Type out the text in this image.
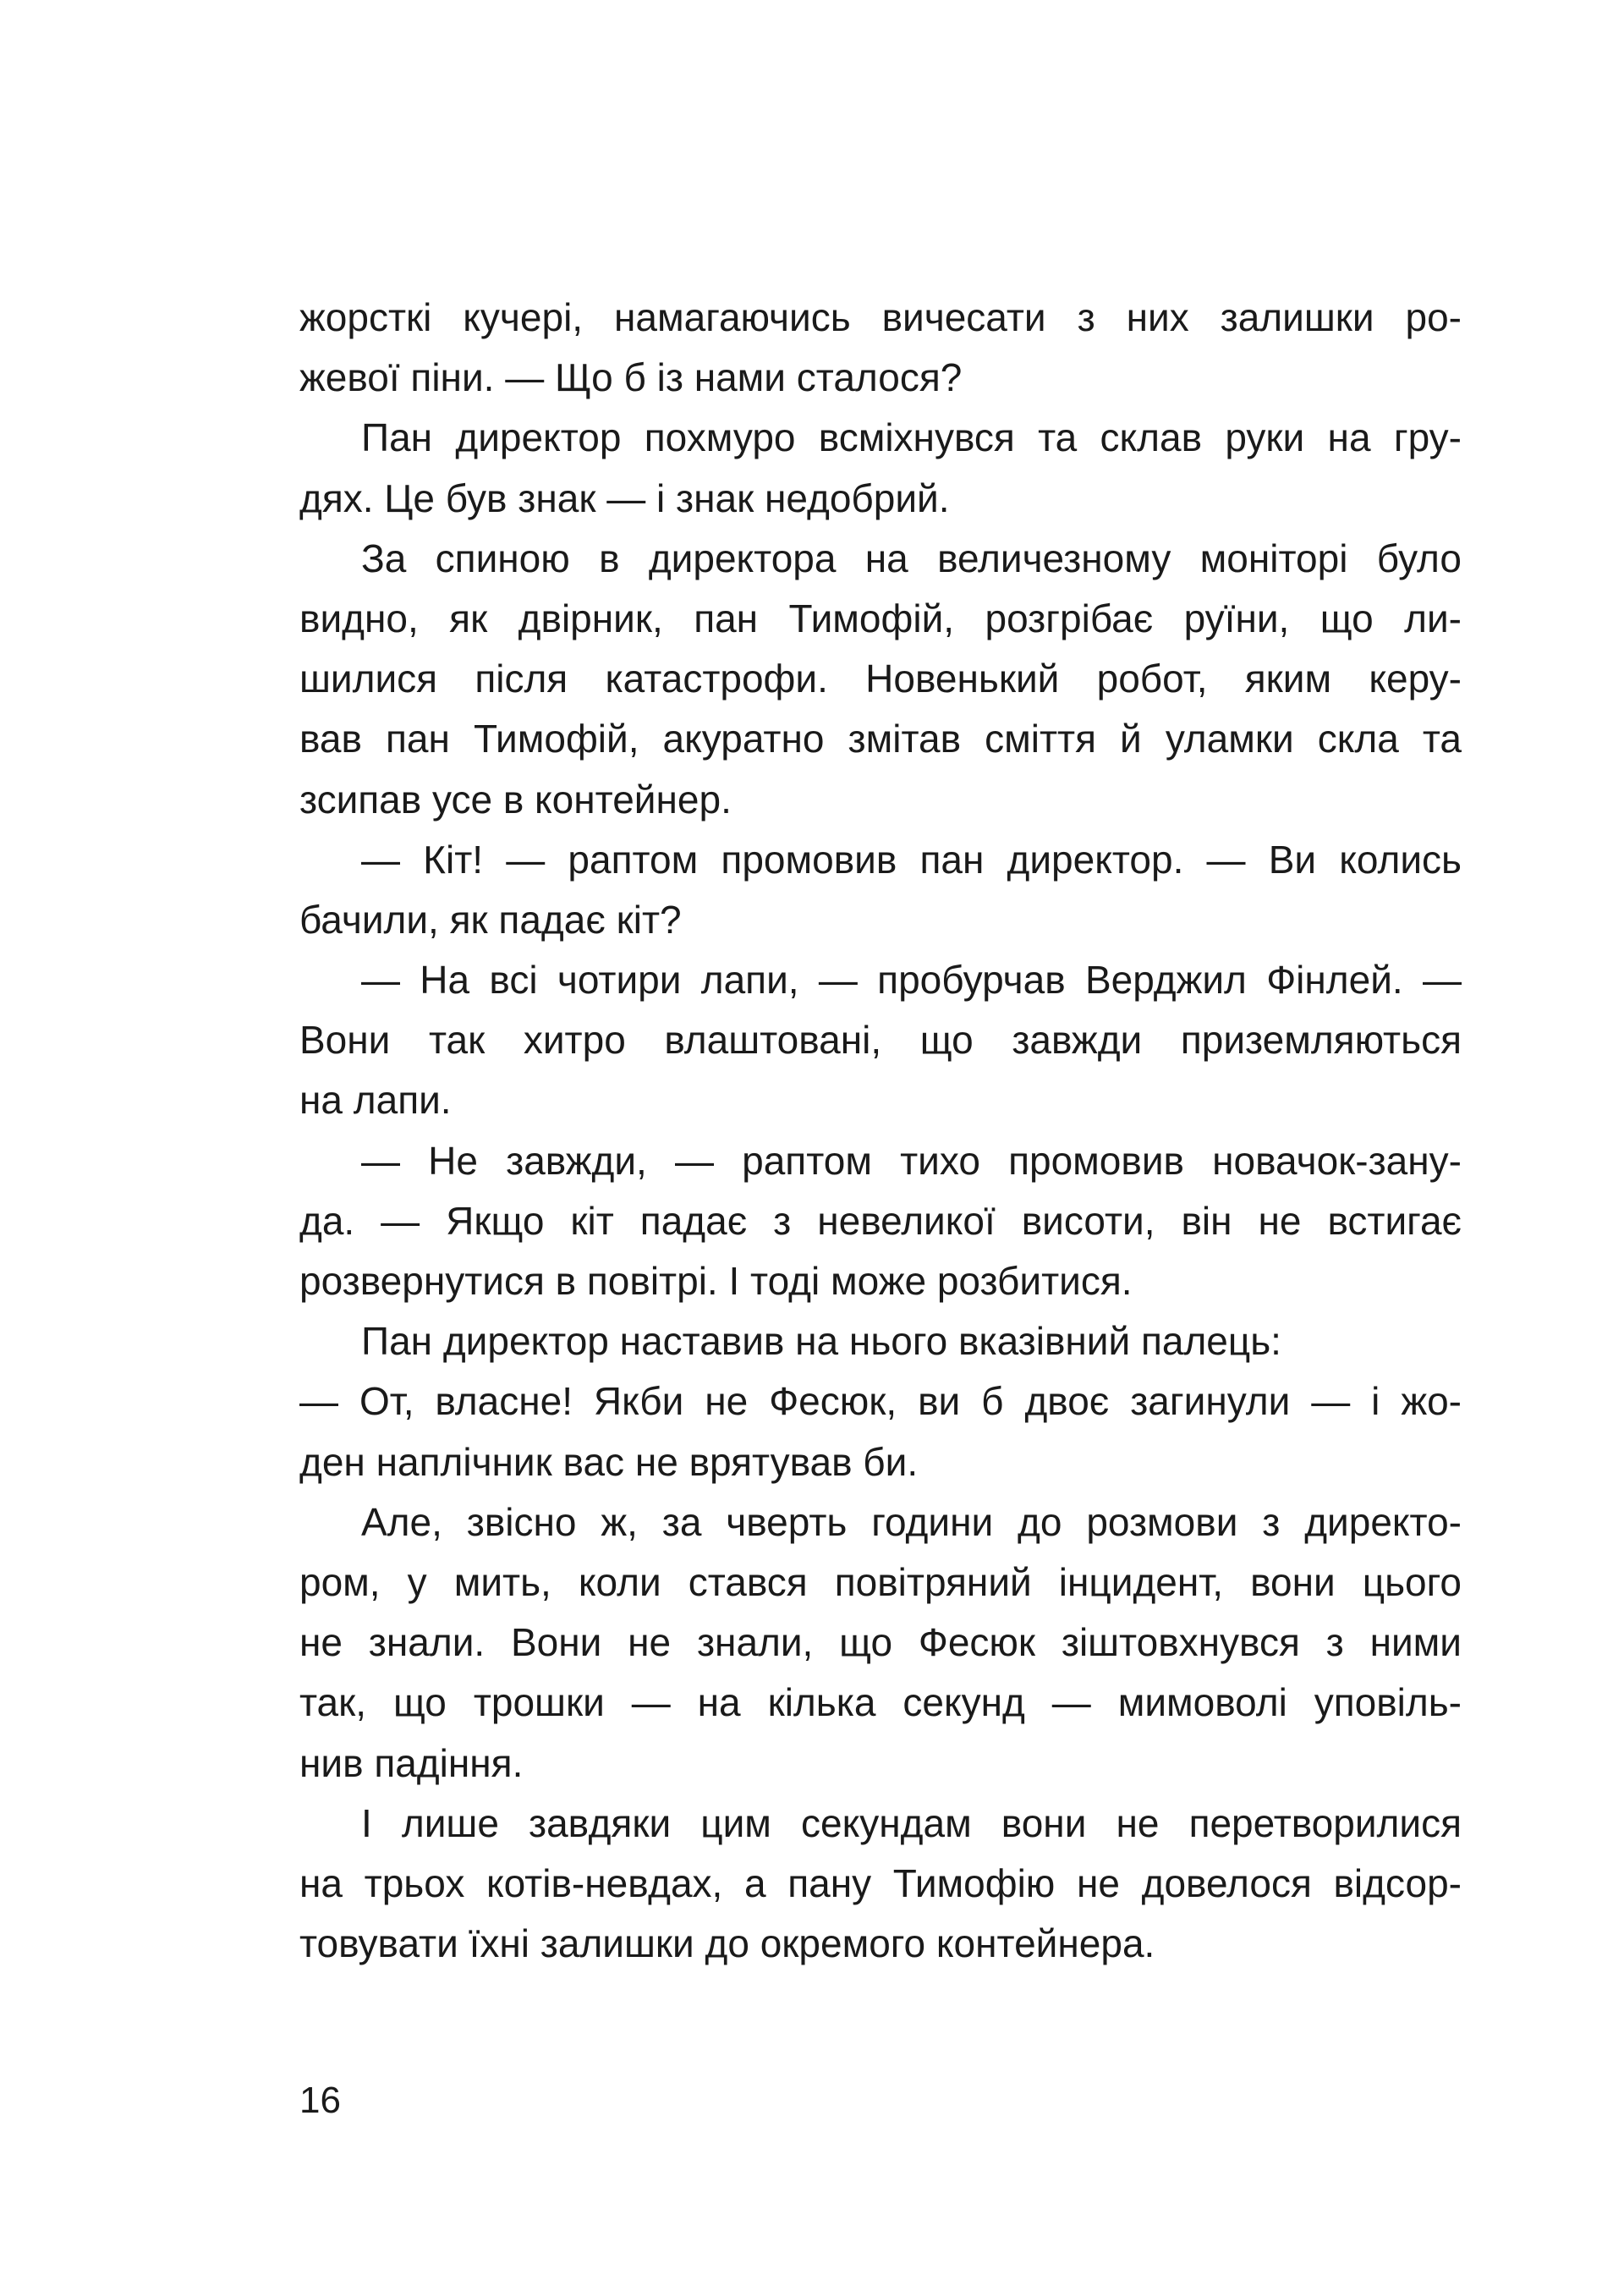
жорсткі кучері, намагаючись вичесати з них залишки ро-
жевої піни. — Що б із нами сталося?
Пан директор похмуро всміхнувся та склав руки на гру-
дях. Це був знак — і знак недобрий.
За спиною в директора на величезному моніторі було
видно, як двірник, пан Тимофій, розгрібає руїни, що ли-
шилися після катастрофи. Новенький робот, яким керу-
вав пан Тимофій, акуратно змітав сміття й уламки скла та
зсипав усе в контейнер.
— Кіт! — раптом промовив пан директор. — Ви колись
бачили, як падає кіт?
— На всі чотири лапи, — пробурчав Верджил Фінлей. —
Вони так хитро влаштовані, що завжди приземляються
на лапи.
— Не завжди, — раптом тихо промовив новачок-зану-
да. — Якщо кіт падає з невеликої висоти, він не встигає
розвернутися в повітрі. І тоді може розбитися.
Пан директор наставив на нього вказівний палець:
— От, власне! Якби не Фесюк, ви б двоє загинули — і жо-
ден наплічник вас не врятував би.
Але, звісно ж, за чверть години до розмови з директо-
ром, у мить, коли стався повітряний інцидент, вони цього
не знали. Вони не знали, що Фесюк зіштовхнувся з ними
так, що трошки — на кілька секунд — мимоволі уповіль-
нив падіння.
І лише завдяки цим секундам вони не перетворилися
на трьох котів-невдах, а пану Тимофію не довелося відсор-
товувати їхні залишки до окремого контейнера.
16
